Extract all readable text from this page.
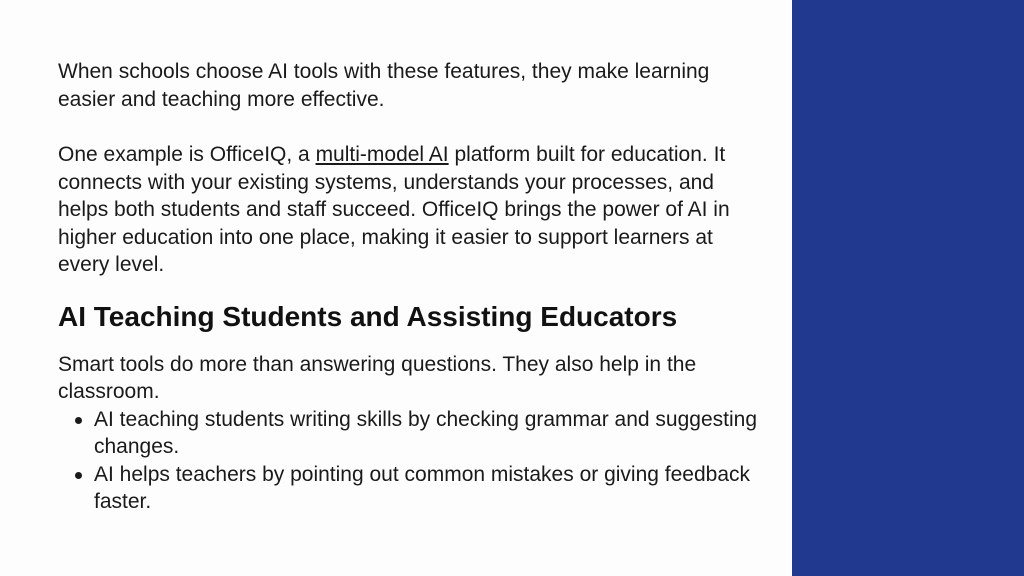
When schools choose AI tools with these features, they make learning easier and teaching more effective.

One example is OfficeIQ, a multi-model AI platform built for education. It connects with your existing systems, understands your processes, and helps both students and staff succeed. OfficeIQ brings the power of AI in higher education into one place, making it easier to support learners at every level.

AI Teaching Students and Assisting Educators

Smart tools do more than answering questions. They also help in the classroom.

AI teaching students writing skills by checking grammar and suggesting changes.
AI helps teachers by pointing out common mistakes or giving feedback faster.
